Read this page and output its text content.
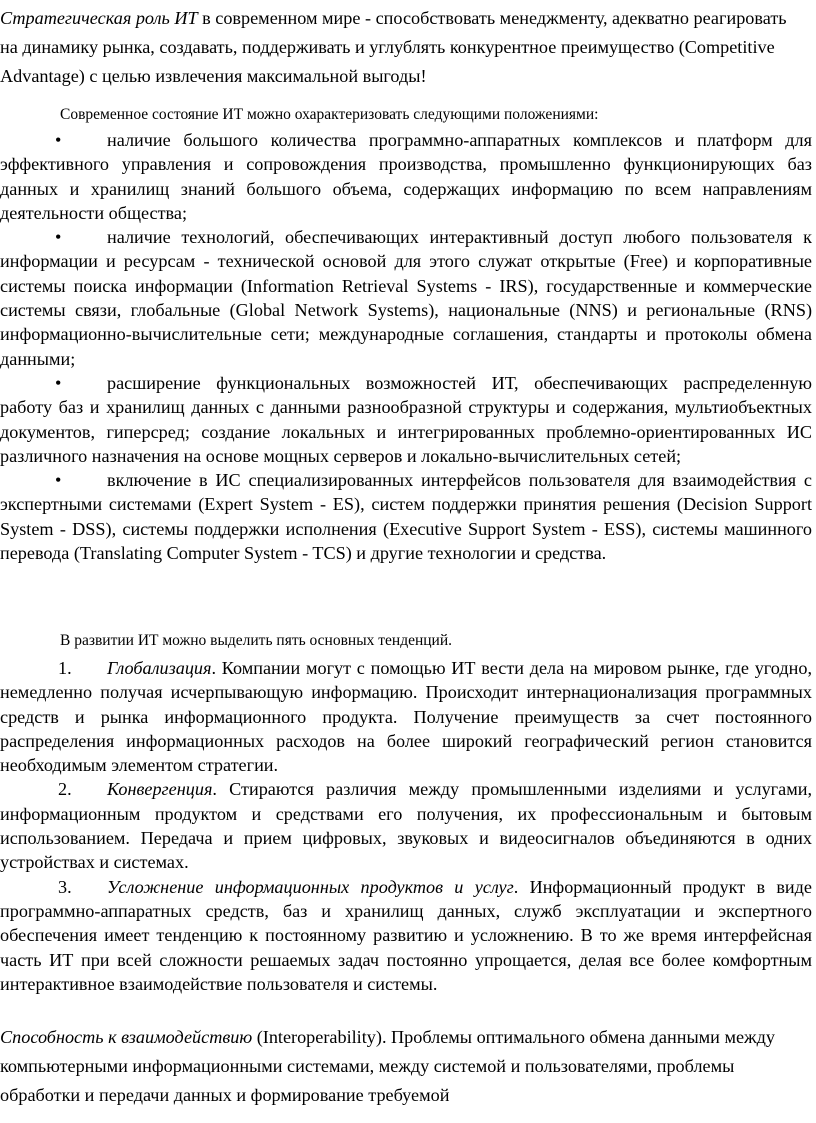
Стратегическая роль ИТ в современном мире - способствовать менеджменту, адекватно реагировать на динамику рынка, создавать, поддерживать и углублять конкурентное преимущество (Competitive Advantage) с целью извлечения максимальной выгоды!

Современное состояние ИТ можно охарактеризовать следующими положениями:

•	наличие большого количества программно-аппаратных комплексов и платформ для эффективного управления и сопровождения производства, промышленно функционирующих баз данных и хранилищ знаний большого объема, содержащих информацию по всем направлениям деятельности общества;

•	наличие технологий, обеспечивающих интерактивный доступ любого пользователя к информации и ресурсам - технической основой для этого служат открытые (Free) и корпоративные системы поиска информации (Information Retrieval Systems - IRS), государственные и коммерческие системы связи, глобальные (Global Network Systems), национальные (NNS) и региональные (RNS) информационно-вычислительные сети; международные соглашения, стандарты и протоколы обмена данными;

•	расширение функциональных возможностей ИТ, обеспечивающих распределенную работу баз и хранилищ данных с данными разнообразной структуры и содержания, мультиобъектных документов, гиперсред; создание локальных и интегрированных проблемно-ориентированных ИС различного назначения на основе мощных серверов и локально-вычислительных сетей;

•	включение в ИС специализированных интерфейсов пользователя для взаимодействия с экспертными системами (Expert System - ES), систем поддержки принятия решения (Decision Support System - DSS), системы поддержки исполнения (Executive Support System - ESS), системы машинного перевода (Translating Computer System - TCS) и другие технологии и средства.

В развитии ИТ можно выделить пять основных тенденций.

1. Глобализация. Компании могут с помощью ИТ вести дела на мировом рынке, где угодно, немедленно получая исчерпывающую информацию. Происходит интернационализация программных средств и рынка информационного продукта. Получение преимуществ за счет постоянного распределения информационных расходов на более широкий географический регион становится необходимым элементом стратегии.

2. Конвергенция. Стираются различия между промышленными изделиями и услугами, информационным продуктом и средствами его получения, их профессиональным и бытовым использованием. Передача и прием цифровых, звуковых и видеосигналов объединяются в одних устройствах и системах.

3. Усложнение информационных продуктов и услуг. Информационный продукт в виде программно-аппаратных средств, баз и хранилищ данных, служб эксплуатации и экспертного обеспечения имеет тенденцию к постоянному развитию и усложнению. В то же время интерфейсная часть ИТ при всей сложности решаемых задач постоянно упрощается, делая все более комфортным интерактивное взаимодействие пользователя и системы.

Способность к взаимодействию (Interoperability). Проблемы оптимального обмена данными между компьютерными информационными системами, между системой и пользователями, проблемы обработки и передачи данных и формирование требуемой
